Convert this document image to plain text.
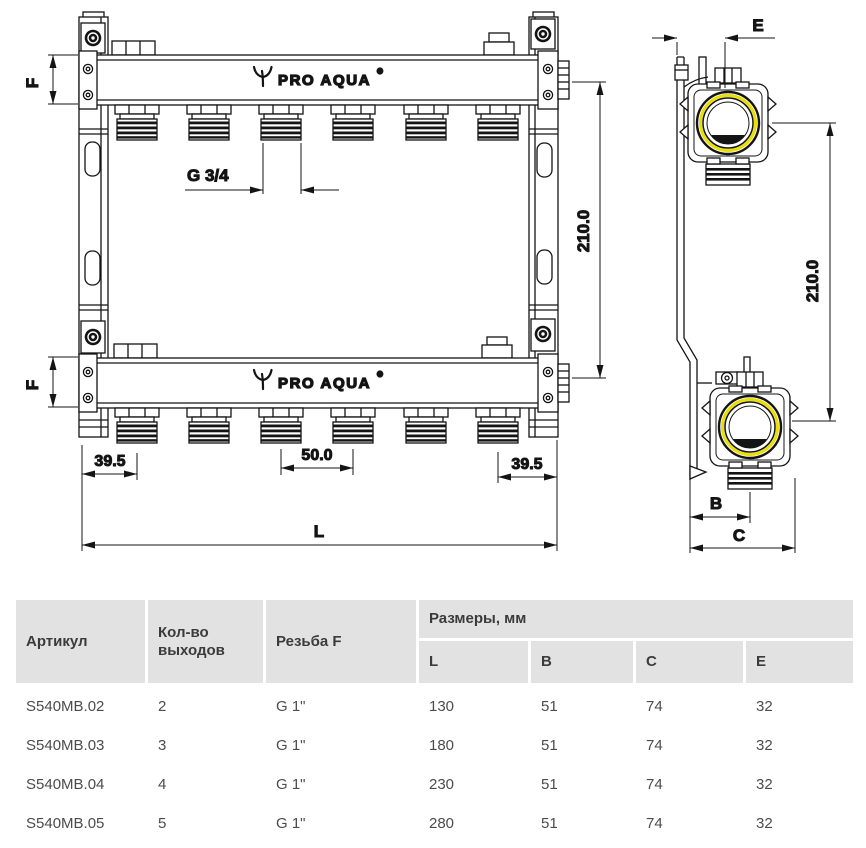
PRO AQUA
®
PRO AQUA
®
F
F
G 3/4
210.0
39.5	50.0
39.5
L
E
210.0
B
C
Артикул
Кол-во выходов
Резьба F
Размеры, мм
L	B	C	E
S540MB.02	2	G 1"	130	51	74	32
S540MB.03	3	G 1"	180	51	74	32
S540MB.04	4	G 1"	230	51	74	32
S540MB.05	5	G 1"	280	51	74	32
